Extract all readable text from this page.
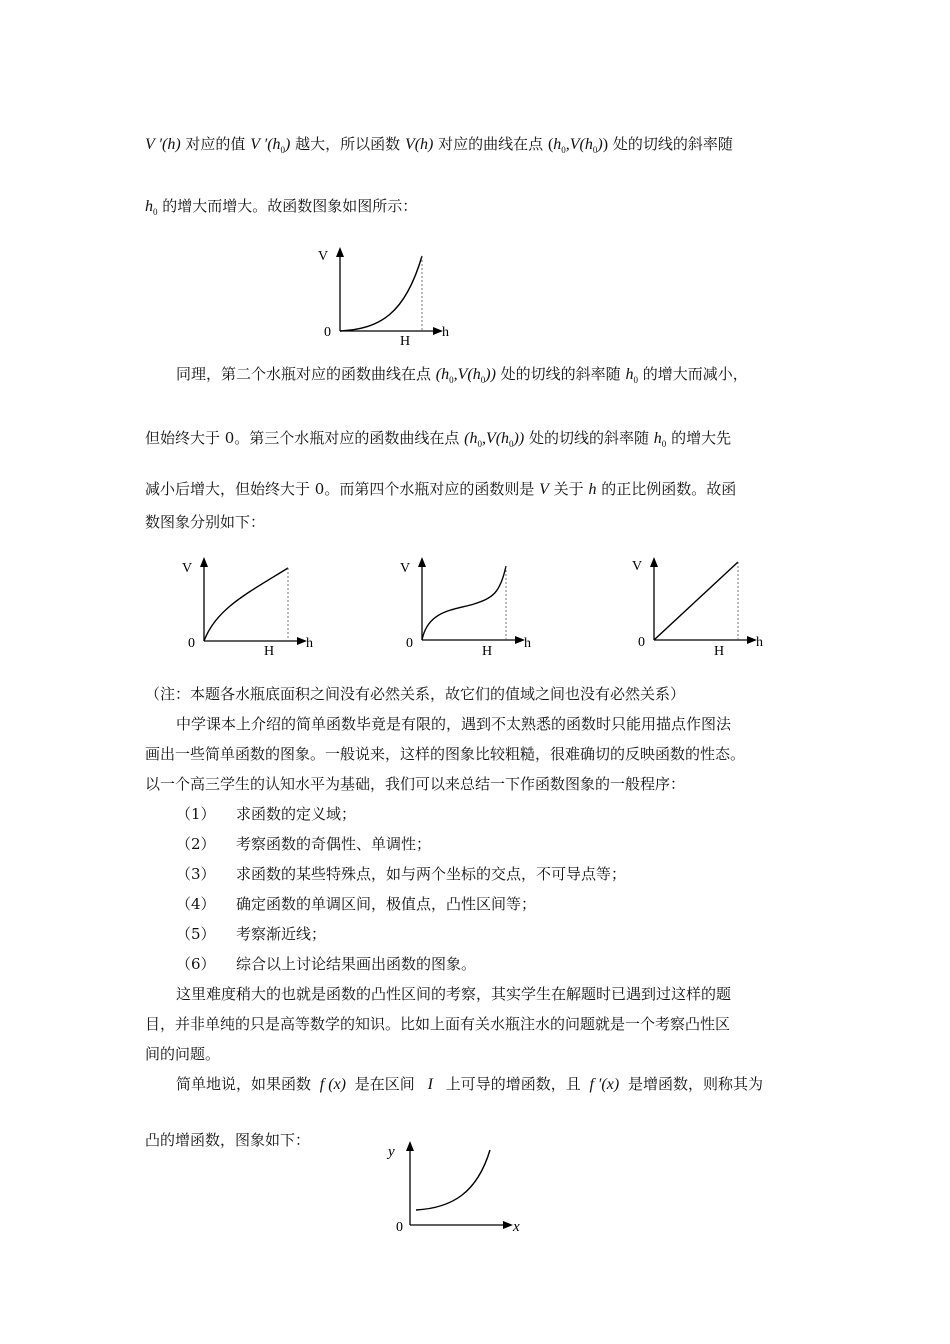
V ′(h) 对应的值 V $'(h_0)$ 越大，所以函数 V(h) 对应的曲线在点 $(h_0,V(h_0))$ 处的切线的斜率随
$h_0$ 的增大而增大。故函数图象如图所示：
V
h
0
H
同理，第二个水瓶对应的函数曲线在点 $(h_0,V(h_0))$ 处的切线的斜率随 $h_0$ 的增大而减小，
但始终大于 0。第三个水瓶对应的函数曲线在点 $(h_0,V(h_0))$ 处的切线的斜率随 $h_0$ 的增大先
减小后增大，但始终大于 0。而第四个水瓶对应的函数则是 V 关于 h 的正比例函数。故函
数图象分别如下：
V
h
0
H
V
h
0
H
V
h
0
H
（注：本题各水瓶底面积之间没有必然关系，故它们的值域之间也没有必然关系）
中学课本上介绍的简单函数毕竟是有限的，遇到不太熟悉的函数时只能用描点作图法
画出一些简单函数的图象。一般说来，这样的图象比较粗糙，很难确切的反映函数的性态。
以一个高三学生的认知水平为基础，我们可以来总结一下作函数图象的一般程序：
（1） 求函数的定义域；
（2） 考察函数的奇偶性、单调性；
（3） 求函数的某些特殊点，如与两个坐标的交点，不可导点等；
（4） 确定函数的单调区间，极值点，凸性区间等；
（5） 考察渐近线；
（6） 综合以上讨论结果画出函数的图象。
这里难度稍大的也就是函数的凸性区间的考察，其实学生在解题时已遇到过这样的题
目，并非单纯的只是高等数学的知识。比如上面有关水瓶注水的问题就是一个考察凸性区
间的问题。
简单地说，如果函数 f (x) 是在区间 I 上可导的增函数，且 f ′(x) 是增函数，则称其为
凸的增函数，图象如下：
y
x
0
